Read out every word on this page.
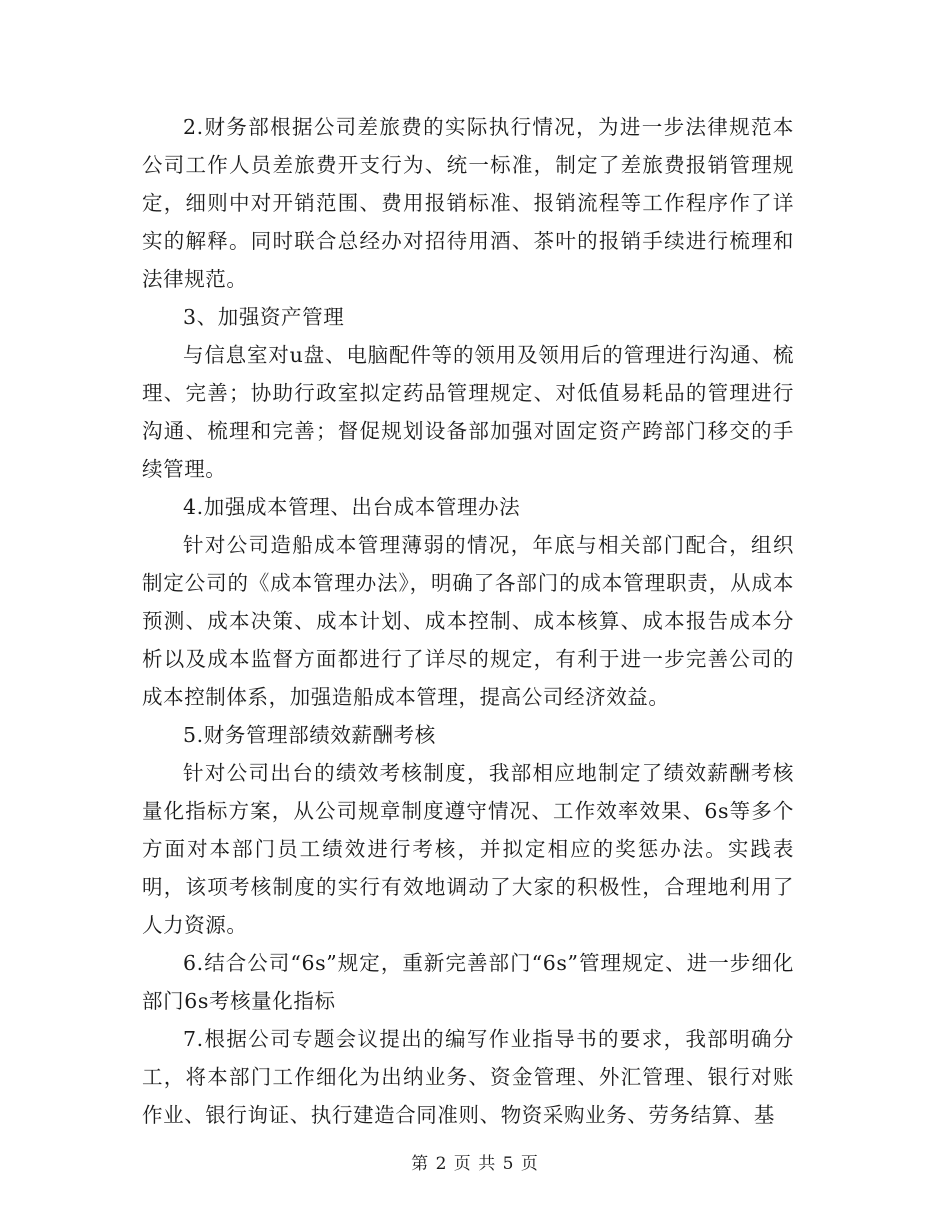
2.财务部根据公司差旅费的实际执行情况，为进一步法律规范本公司工作人员差旅费开支行为、统一标准，制定了差旅费报销管理规定，细则中对开销范围、费用报销标准、报销流程等工作程序作了详实的解释。同时联合总经办对招待用酒、茶叶的报销手续进行梳理和法律规范。

3、加强资产管理

与信息室对u盘、电脑配件等的领用及领用后的管理进行沟通、梳理、完善；协助行政室拟定药品管理规定、对低值易耗品的管理进行沟通、梳理和完善；督促规划设备部加强对固定资产跨部门移交的手续管理。

4.加强成本管理、出台成本管理办法

针对公司造船成本管理薄弱的情况，年底与相关部门配合，组织制定公司的《成本管理办法》，明确了各部门的成本管理职责，从成本预测、成本决策、成本计划、成本控制、成本核算、成本报告成本分析以及成本监督方面都进行了详尽的规定，有利于进一步完善公司的成本控制体系，加强造船成本管理，提高公司经济效益。

5.财务管理部绩效薪酬考核

针对公司出台的绩效考核制度，我部相应地制定了绩效薪酬考核量化指标方案，从公司规章制度遵守情况、工作效率效果、6s等多个方面对本部门员工绩效进行考核，并拟定相应的奖惩办法。实践表明，该项考核制度的实行有效地调动了大家的积极性，合理地利用了人力资源。

6.结合公司“6s”规定，重新完善部门“6s”管理规定、进一步细化部门6s考核量化指标

7.根据公司专题会议提出的编写作业指导书的要求，我部明确分工，将本部门工作细化为出纳业务、资金管理、外汇管理、银行对账作业、银行询证、执行建造合同准则、物资采购业务、劳务结算、基

第 2 页 共 5 页
